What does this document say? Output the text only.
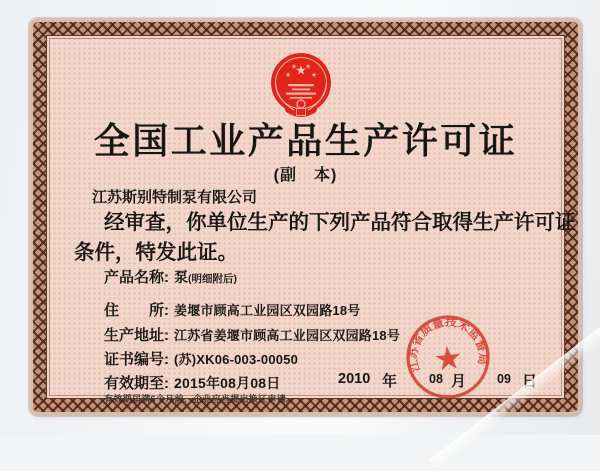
★
★
★ ★
★
全国工业产品生产许可证
(副　本)
江苏斯别特制泵有限公司
经审查，你单位生产的下列产品符合取得生产许可证
条件，特发此证。
产品名称: 泵 (明细附后)
住　　所: 姜堰市顾高工业园区双园路18号
生产地址: 江苏省姜堰市顾高工业园区双园路18号
证书编号: (苏)XK06-003-00050
有效期至: 2015年08月08日	2010 年	08 月 09 日
有效期届满6个月前，企业应当提出换证申请。
江苏省质量技术监督局
